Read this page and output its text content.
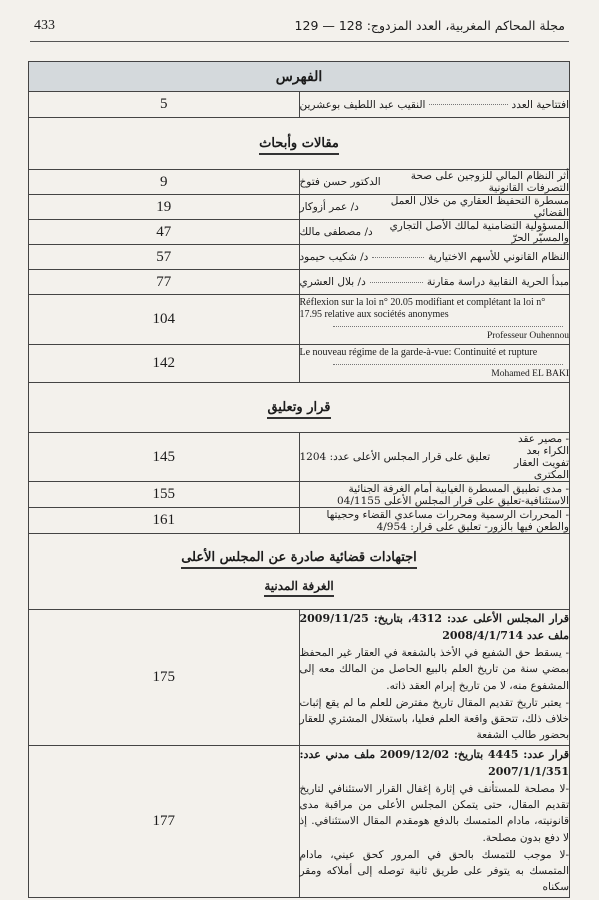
433	مجلة المحاكم المغربية، العدد المزدوج: 128 — 129
الفهرس	
5	افتتاحية العدد
النقيب عبد اللطيف بوعشرين

مقالات وأبحاث	
9	أثر النظام المالي للزوجين على صحة التصرفات القانونية
الدكتور حسن فتوخ

19	مسطرة التحفيظ العقاري من خلال العمل القضائي
د/ عمر أزوكار

47	المسؤولية التضامنية لمالك الأصل التجاري والمسيّر الحرّ
د/ مصطفى مالك

57	النظام القانوني للأسهم الاختيارية
د/ شكيب حيمود

77	مبدأ الحرية النقابية دراسة مقارنة
د/ بلال العشري

104	Réflexion sur la loi n° 20.05 modifiant et complétant la loi n° 17.95 relative aux sociétés anonymes
Professeur Ouhennou

142	Le nouveau régime de la garde-à-vue: Continuité et rupture
Mohamed EL BAKI

قرار وتعليق	
145	- مصير عقد الكراء بعد تفويت العقار المكترى
تعليق على قرار المجلس الأعلى عدد: 1204

155	- مدى تطبيق المسطرة الغيابية أمام الغرفة الجنائية الاستئنافية-تعليق على قرار المجلس الأعلى 04/1155
161	- المحررات الرسمية ومحررات مساعدي القضاء وحجيتها والطعن فيها بالزور- تعليق على قرار: 4/954

اجتهادات قضائية صادرة عن المجلس الأعلى
الغرفة المدنية	

175	قرار المجلس الأعلى عدد: 4312، بتاريخ: 2009/11/25 ملف عدد 2008/4/1/714
- يسقط حق الشفيع في الأخذ بالشفعة في العقار غير المحفظ بمضي سنة من تاريخ العلم بالبيع الحاصل من المالك معه إلى المشفوع منه، لا من تاريخ إبرام العقد ذاته.
- يعتبر تاريخ تقديم المقال تاريخ مفترض للعلم ما لم يقع إثبات خلاف ذلك، تتحقق واقعة العلم فعليا، باستغلال المشتري للعقار بحضور طالب الشفعة

177	قرار عدد: 4445 بتاريخ: 2009/12/02 ملف مدني عدد: 2007/1/1/351
-لا مصلحة للمستأنف في إثارة إغفال القرار الاستئنافي لتاريخ تقديم المقال، حتى يتمكن المجلس الأعلى من مراقبة مدى قانونيته، مادام المتمسك بالدفع هومقدم المقال الاستئنافي. إذ لا دفع بدون مصلحة.
-لا موجب للتمسك بالحق في المرور كحق عيني، مادام المتمسك به يتوفر على طريق ثانية توصله إلى أملاكه ومقر سكناه
